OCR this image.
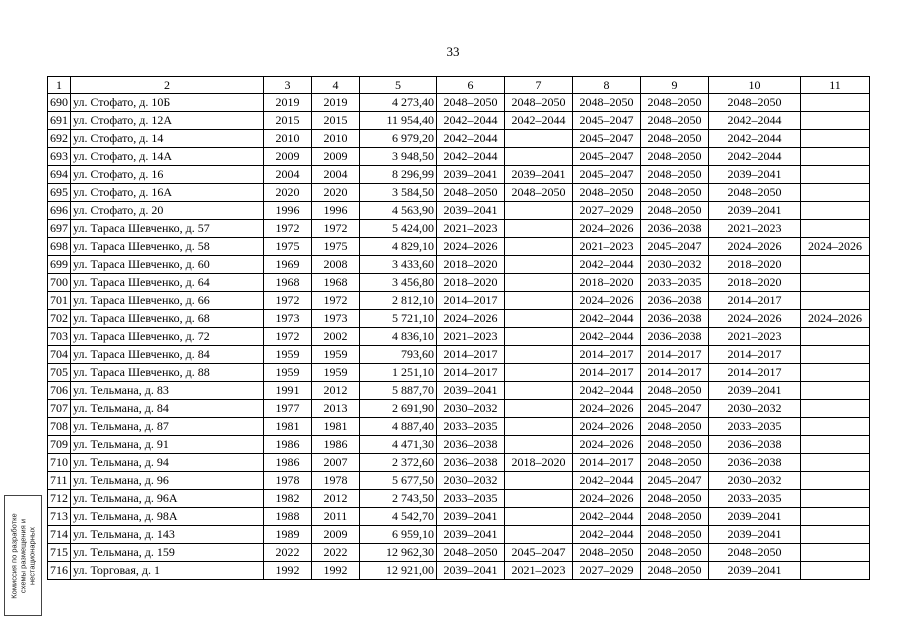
33
1	2	3	4	5	6	7	8	9	10	11
690	ул. Стофато, д. 10Б	2019	2019	4 273,40	2048–2050	2048–2050	2048–2050	2048–2050	2048–2050	
691	ул. Стофато, д. 12А	2015	2015	11 954,40	2042–2044	2042–2044	2045–2047	2048–2050	2042–2044	
692	ул. Стофато, д. 14	2010	2010	6 979,20	2042–2044		2045–2047	2048–2050	2042–2044	
693	ул. Стофато, д. 14А	2009	2009	3 948,50	2042–2044		2045–2047	2048–2050	2042–2044	
694	ул. Стофато, д. 16	2004	2004	8 296,99	2039–2041	2039–2041	2045–2047	2048–2050	2039–2041	
695	ул. Стофато, д. 16А	2020	2020	3 584,50	2048–2050	2048–2050	2048–2050	2048–2050	2048–2050	
696	ул. Стофато, д. 20	1996	1996	4 563,90	2039–2041		2027–2029	2048–2050	2039–2041	
697	ул. Тараса Шевченко, д. 57	1972	1972	5 424,00	2021–2023		2024–2026	2036–2038	2021–2023	
698	ул. Тараса Шевченко, д. 58	1975	1975	4 829,10	2024–2026		2021–2023	2045–2047	2024–2026	2024–2026
699	ул. Тараса Шевченко, д. 60	1969	2008	3 433,60	2018–2020		2042–2044	2030–2032	2018–2020	
700	ул. Тараса Шевченко, д. 64	1968	1968	3 456,80	2018–2020		2018–2020	2033–2035	2018–2020	
701	ул. Тараса Шевченко, д. 66	1972	1972	2 812,10	2014–2017		2024–2026	2036–2038	2014–2017	
702	ул. Тараса Шевченко, д. 68	1973	1973	5 721,10	2024–2026		2042–2044	2036–2038	2024–2026	2024–2026
703	ул. Тараса Шевченко, д. 72	1972	2002	4 836,10	2021–2023		2042–2044	2036–2038	2021–2023	
704	ул. Тараса Шевченко, д. 84	1959	1959	793,60	2014–2017		2014–2017	2014–2017	2014–2017	
705	ул. Тараса Шевченко, д. 88	1959	1959	1 251,10	2014–2017		2014–2017	2014–2017	2014–2017	
706	ул. Тельмана, д. 83	1991	2012	5 887,70	2039–2041		2042–2044	2048–2050	2039–2041	
707	ул. Тельмана, д. 84	1977	2013	2 691,90	2030–2032		2024–2026	2045–2047	2030–2032	
708	ул. Тельмана, д. 87	1981	1981	4 887,40	2033–2035		2024–2026	2048–2050	2033–2035	
709	ул. Тельмана, д. 91	1986	1986	4 471,30	2036–2038		2024–2026	2048–2050	2036–2038	
710	ул. Тельмана, д. 94	1986	2007	2 372,60	2036–2038	2018–2020	2014–2017	2048–2050	2036–2038	
711	ул. Тельмана, д. 96	1978	1978	5 677,50	2030–2032		2042–2044	2045–2047	2030–2032	
712	ул. Тельмана, д. 96А	1982	2012	2 743,50	2033–2035		2024–2026	2048–2050	2033–2035	
713	ул. Тельмана, д. 98А	1988	2011	4 542,70	2039–2041		2042–2044	2048–2050	2039–2041	
714	ул. Тельмана, д. 143	1989	2009	6 959,10	2039–2041		2042–2044	2048–2050	2039–2041	
715	ул. Тельмана, д. 159	2022	2022	12 962,30	2048–2050	2045–2047	2048–2050	2048–2050	2048–2050	
716	ул. Торговая, д. 1	1992	1992	12 921,00	2039–2041	2021–2023	2027–2029	2048–2050	2039–2041	
Комиссия по разработке схемы размещения и нестационарных
